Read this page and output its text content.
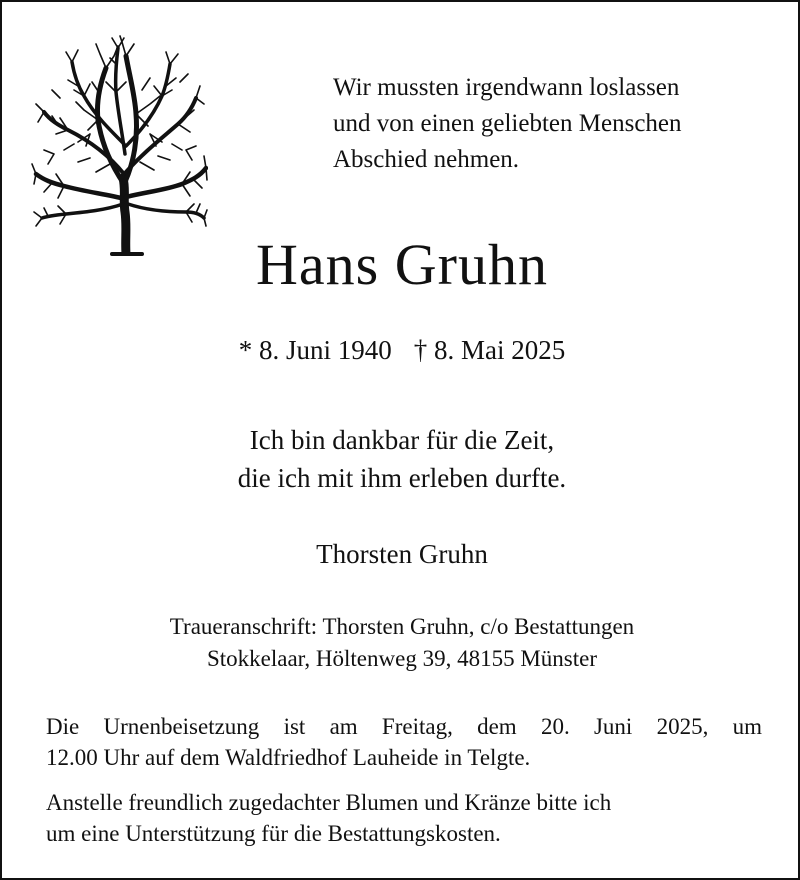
Wir mussten irgendwann loslassen
und von einen geliebten Menschen
Abschied nehmen.
Hans Gruhn
* 8. Juni 1940 † 8. Mai 2025
Ich bin dankbar für die Zeit,
die ich mit ihm erleben durfte.
Thorsten Gruhn
Traueranschrift: Thorsten Gruhn, c/o Bestattungen
Stokkelaar, Höltenweg 39, 48155 Münster
Die Urnenbeisetzung ist am Freitag, dem 20. Juni 2025, um
12.00 Uhr auf dem Waldfriedhof Lauheide in Telgte.
Anstelle freundlich zugedachter Blumen und Kränze bitte ich
um eine Unterstützung für die Bestattungskosten.
